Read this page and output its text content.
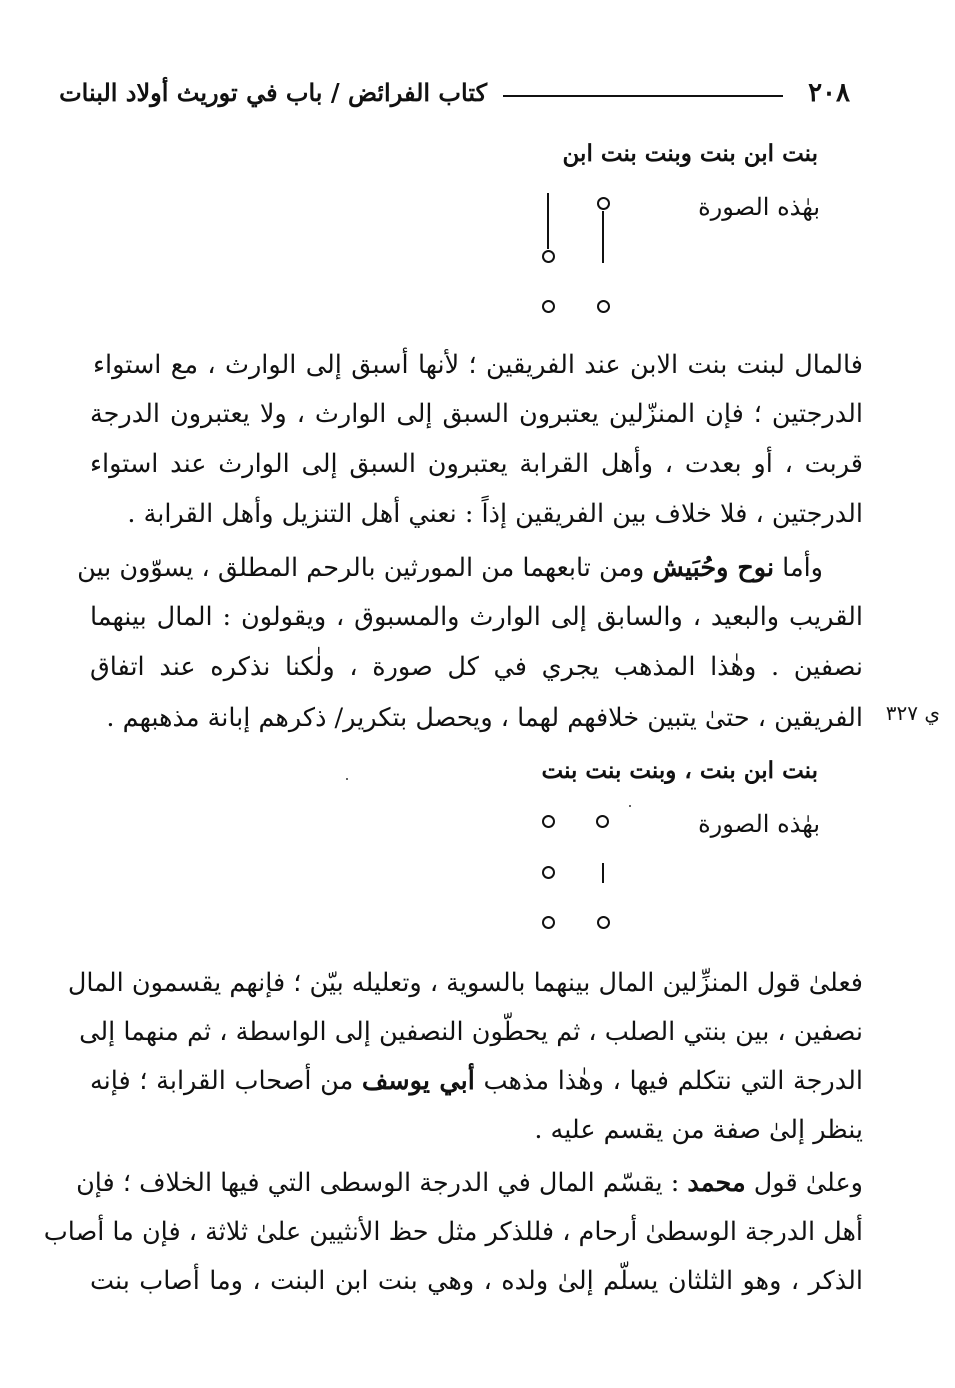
٢٠٨
كتاب الفرائض / باب في توريث أولاد البنات
بنت ابن بنت وبنت بنت ابن
بهٰذه الصورة
فالمال لبنت بنت الابن عند الفريقين ؛ لأنها أسبق إلى الوارث ، مع استواء
الدرجتين ؛ فإن المنزّلين يعتبرون السبق إلى الوارث ، ولا يعتبرون الدرجة
قربت ، أو بعدت ، وأهل القرابة يعتبرون السبق إلى الوارث عند استواء
الدرجتين ، فلا خلاف بين الفريقين إذاً : نعني أهل التنزيل وأهل القرابة .
وأما نوح وحُبَيش ومن تابعهما من المورثين بالرحم المطلق ، يسوّون بين
القريب والبعيد ، والسابق إلى الوارث والمسبوق ، ويقولون : المال بينهما
نصفين . وهٰذا المذهب يجري في كل صورة ، ولٰكنا نذكره عند اتفاق
الفريقين ، حتىٰ يتبين خلافهم لهما ، ويحصل بتكرير/ ذكرهم إبانة مذهبهم .	ي ٣٢٧
بنت ابن بنت ، وبنت بنت بنت
بهٰذه الصورة
فعلىٰ قول المنزِّلين المال بينهما بالسوية ، وتعليله بيّن ؛ فإنهم يقسمون المال
نصفين ، بين بنتي الصلب ، ثم يحطّون النصفين إلى الواسطة ، ثم منهما إلى
الدرجة التي نتكلم فيها ، وهٰذا مذهب أبي يوسف من أصحاب القرابة ؛ فإنه
ينظر إلىٰ صفة من يقسم عليه .
وعلىٰ قول محمد : يقسّم المال في الدرجة الوسطى التي فيها الخلاف ؛ فإن
أهل الدرجة الوسطىٰ أرحام ، فللذكر مثل حظ الأنثيين علىٰ ثلاثة ، فإن ما أصاب
الذكر ، وهو الثلثان يسلّم إلىٰ ولده ، وهي بنت ابن البنت ، وما أصاب بنت
